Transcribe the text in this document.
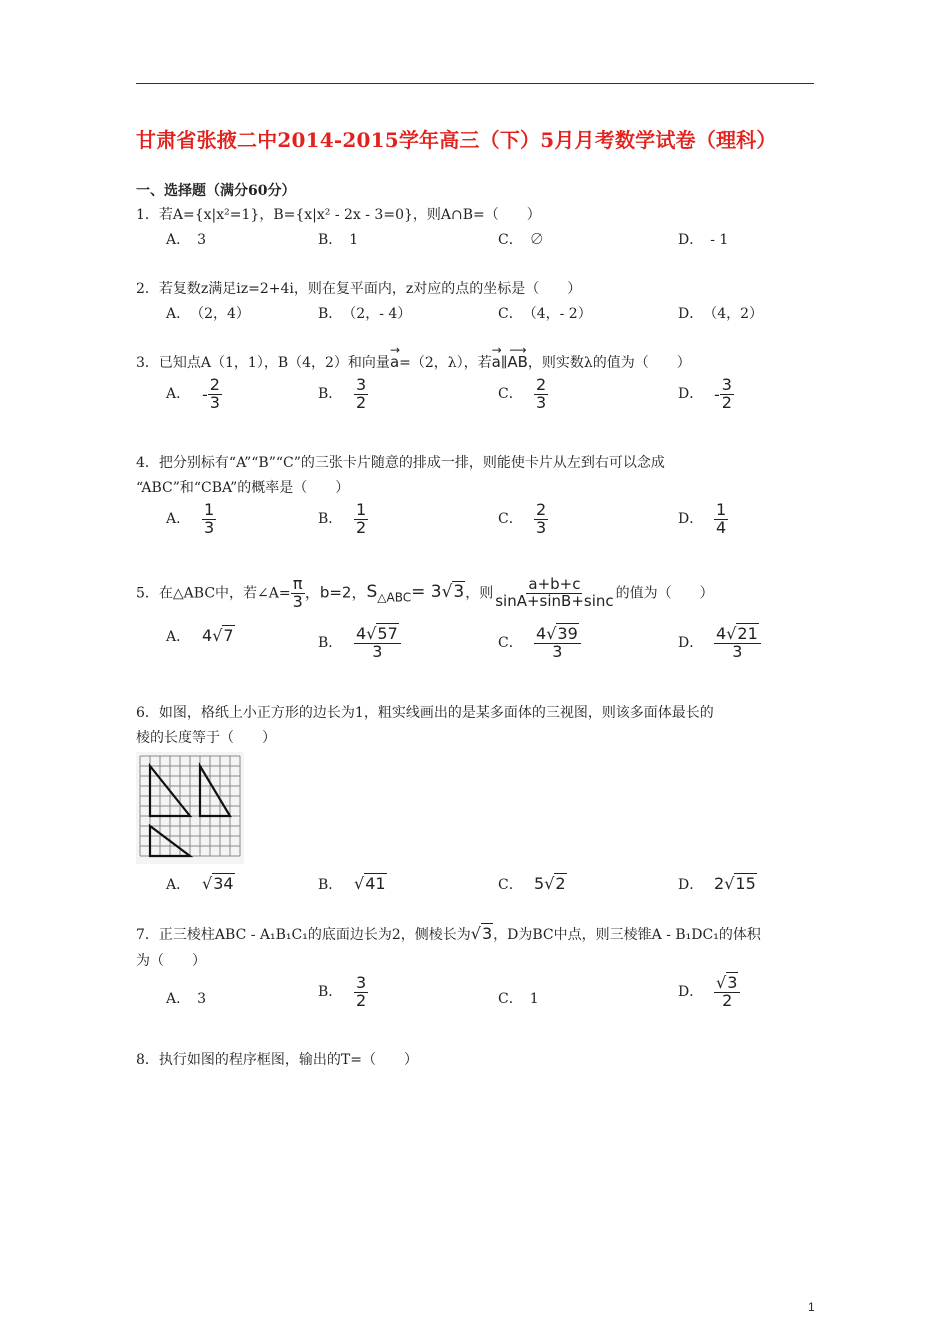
甘肃省张掖二中2014-2015学年高三（下）5月月考数学试卷（理科）
一、选择题（满分60分）
1．若A={x|x²=1}，B={x|x² - 2x - 3=0}，则A∩B=（　　）
A．　3	B．　1	C．　∅	D．　- 1
2．若复数z满足iz=2+4i，则在复平面内，z对应的点的坐标是（　　）
A．　（2，4）	B．　（2，- 4）	C．　（4，- 2）	D．　（4，2）
3．已知点A（1，1），B（4，2）和向量
→
a=（2，λ），若
→
a∥
⟶
AB，则实数λ的值为（　　）
A． - $\frac{2}{3}$	B． $\frac{3}{2}$	C． $\frac{2}{3}$	D． - $\frac{3}{2}$
4．把分别标有“A”“B”“C”的三张卡片随意的排成一排，则能使卡片从左到右可以念成
“ABC”和“CBA”的概率是（　　）
A． $\frac{1}{3}$	B． $\frac{1}{2}$	C． $\frac{2}{3}$	D． $\frac{1}{4}$
5．在△ABC中，若∠A= $\frac{\pi}{3}$ ，b=2，$S_{\triangle ABC}= 3√3$，则 $\frac{a+b+c}{\sin A+\sin B+\sin c}$ 的值为（　　）
A． 4√7	B． $\frac{4√57}{3}$	C． $\frac{4√39}{3}$	D． $\frac{4√21}{3}$
6．如图，格纸上小正方形的边长为1，粗实线画出的是某多面体的三视图，则该多面体最长的
棱的长度等于（　　）
A． √34	B． √41	C． 5√2	D． 2√15
7．正三棱柱ABC - A₁B₁C₁的底面边长为2，侧棱长为√3，D为BC中点，则三棱锥A - B₁DC₁的体积
为（　　）
A．　3	B． $\frac{3}{2}$	C．　1	D． $\frac{√3}{2}$
8．执行如图的程序框图，输出的T=（　　）
1
